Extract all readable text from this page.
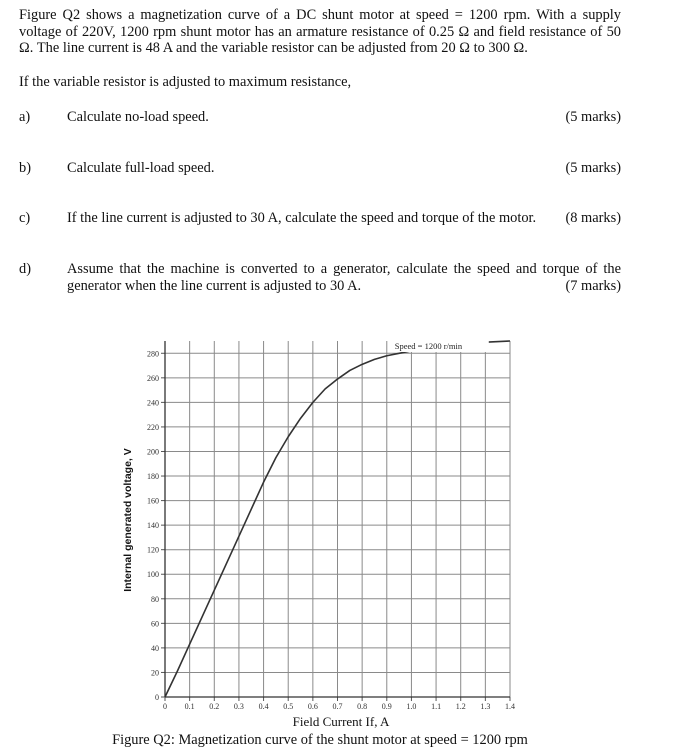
Figure Q2 shows a magnetization curve of a DC shunt motor at speed = 1200 rpm. With a supply voltage of 220V, 1200 rpm shunt motor has an armature resistance of 0.25 Ω and field resistance of 50 Ω. The line current is 48 A and the variable resistor can be adjusted from 20 Ω to 300 Ω.

If the variable resistor is adjusted to maximum resistance,

a)	Calculate no-load speed.	(5 marks)
b)	Calculate full-load speed.	(5 marks)
c)	If the line current is adjusted to 30 A, calculate the speed and torque of the motor.	(8 marks)
d)	Assume that the machine is converted to a generator, calculate the speed and torque of the generator when the line current is adjusted to 30 A.	(7 marks)
Internal generated voltage, V
0
20
40
60
80
100
120
140
160
180
200
220
240
260
280
0 0.1 0.2 0.3 0.4 0.5 0.6 0.7 0.8 0.9 1.0 1.1 1.2 1.3 1.4
Speed = 1200 r/min
Field Current If, A
Figure Q2: Magnetization curve of the shunt motor at speed = 1200 rpm
